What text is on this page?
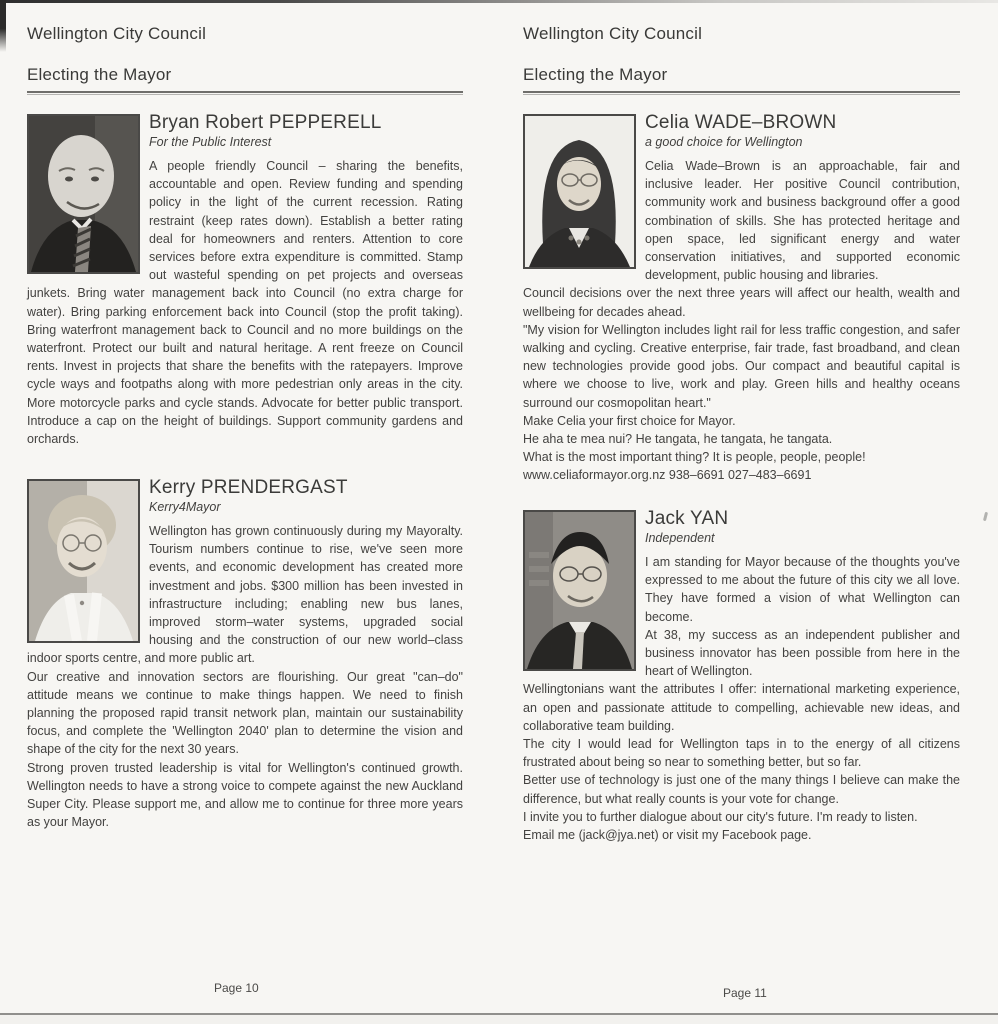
Wellington City Council
Electing the Mayor
Bryan Robert PEPPERELL

For the Public Interest

A people friendly Council – sharing the benefits, accountable and open. Review funding and spending policy in the light of the current recession. Rating restraint (keep rates down). Establish a better rating deal for homeowners and renters. Attention to core services before extra expenditure is committed. Stamp out wasteful spending on pet projects and overseas junkets. Bring water management back into Council (no extra charge for water). Bring parking enforcement back into Council (stop the profit taking). Bring waterfront management back to Council and no more buildings on the waterfront. Protect our built and natural heritage. A rent freeze on Council rents. Invest in projects that share the benefits with the ratepayers. Improve cycle ways and footpaths along with more pedestrian only areas in the city. More motorcycle parks and cycle stands. Advocate for better public transport. Introduce a cap on the height of buildings. Support community gardens and orchards.

Kerry PRENDERGAST

Kerry4Mayor

Wellington has grown continuously during my Mayoralty. Tourism numbers continue to rise, we've seen more events, and economic development has created more investment and jobs. $300 million has been invested in infrastructure including; enabling new bus lanes, improved storm–water systems, upgraded social housing and the construction of our new world–class indoor sports centre, and more public art.

Our creative and innovation sectors are flourishing. Our great "can–do" attitude means we continue to make things happen. We need to finish planning the proposed rapid transit network plan, maintain our sustainability focus, and complete the 'Wellington 2040' plan to determine the vision and shape of the city for the next 30 years.

Strong proven trusted leadership is vital for Wellington's continued growth. Wellington needs to have a strong voice to compete against the new Auckland Super City. Please support me, and allow me to continue for three more years as your Mayor.

Wellington City Council
Electing the Mayor
Celia WADE–BROWN

a good choice for Wellington

Celia Wade–Brown is an approachable, fair and inclusive leader. Her positive Council contribution, community work and business background offer a good combination of skills. She has protected heritage and open space, led significant energy and water conservation initiatives, and supported economic development, public housing and libraries.

Council decisions over the next three years will affect our health, wealth and wellbeing for decades ahead.

"My vision for Wellington includes light rail for less traffic congestion, and safer walking and cycling. Creative enterprise, fair trade, fast broadband, and clean new technologies provide good jobs. Our compact and beautiful capital is where we choose to live, work and play. Green hills and healthy oceans surround our cosmopolitan heart."

Make Celia your first choice for Mayor.

He aha te mea nui? He tangata, he tangata, he tangata.

What is the most important thing? It is people, people, people!

www.celiaformayor.org.nz 938–6691 027–483–6691

Jack YAN

Independent

I am standing for Mayor because of the thoughts you've expressed to me about the future of this city we all love. They have formed a vision of what Wellington can become.

At 38, my success as an independent publisher and business innovator has been possible from here in the heart of Wellington.

Wellingtonians want the attributes I offer: international marketing experience, an open and passionate attitude to compelling, achievable new ideas, and collaborative team building.

The city I would lead for Wellington taps in to the energy of all citizens frustrated about being so near to something better, but so far.

Better use of technology is just one of the many things I believe can make the difference, but what really counts is your vote for change.

I invite you to further dialogue about our city's future. I'm ready to listen.

Email me (jack@jya.net) or visit my Facebook page.

Page 10	Page 11
